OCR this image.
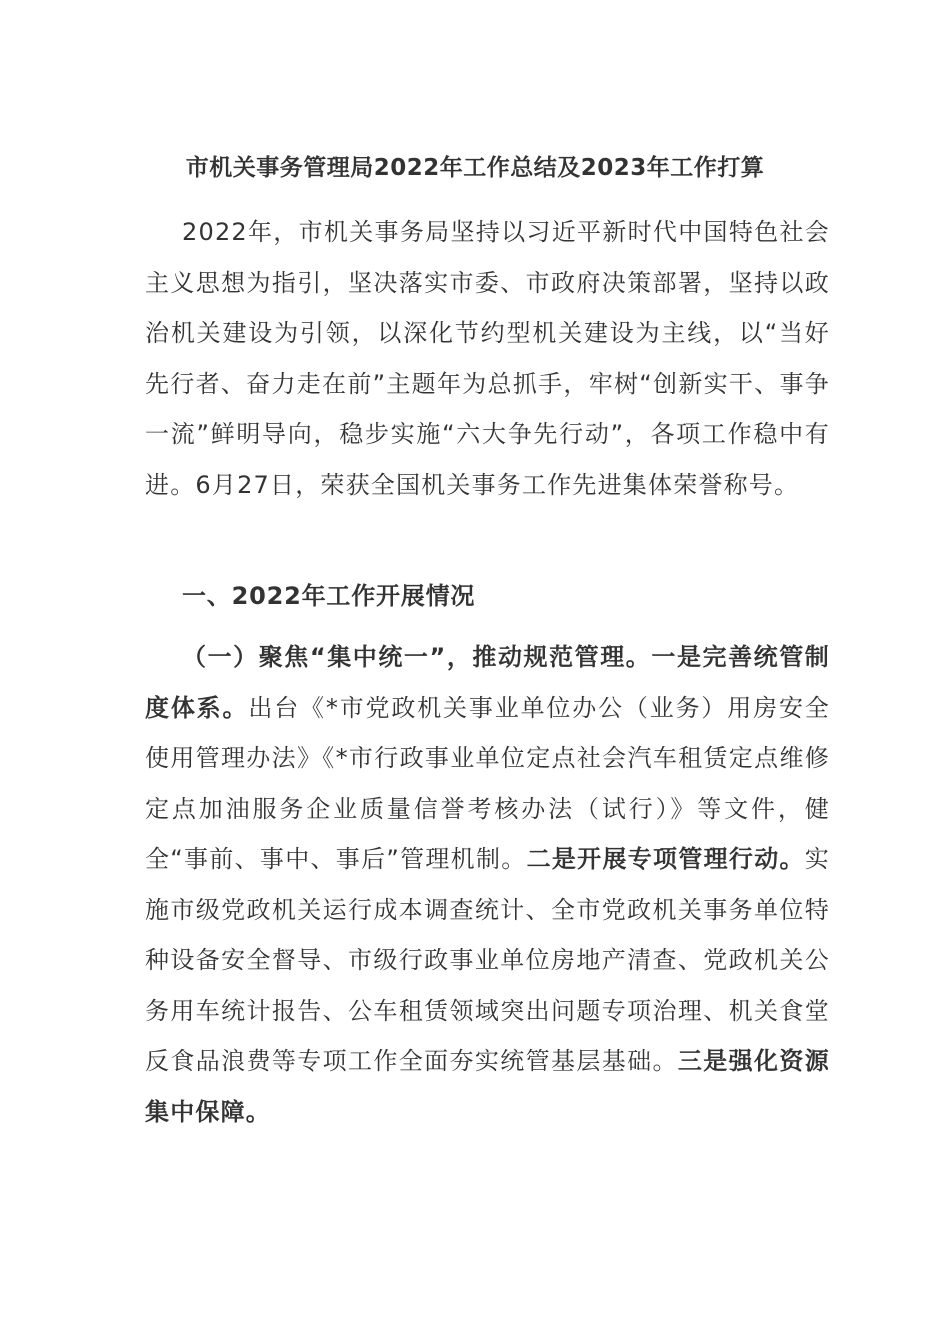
市机关事务管理局2022年工作总结及2023年工作打算
2022年，市机关事务局坚持以习近平新时代中国特色社会主义思想为指引，坚决落实市委、市政府决策部署，坚持以政治机关建设为引领，以深化节约型机关建设为主线，以“当好先行者、奋力走在前”主题年为总抓手，牢树“创新实干、事争一流”鲜明导向，稳步实施“六大争先行动”，各项工作稳中有进。6月27日，荣获全国机关事务工作先进集体荣誉称号。
一、2022年工作开展情况
（一）聚焦“集中统一”，推动规范管理。一是完善统管制度体系。出台《*市党政机关事业单位办公（业务）用房安全使用管理办法》《*市行政事业单位定点社会汽车租赁定点维修定点加油服务企业质量信誉考核办法（试行）》等文件，健全“事前、事中、事后”管理机制。二是开展专项管理行动。实施市级党政机关运行成本调查统计、全市党政机关事务单位特种设备安全督导、市级行政事业单位房地产清查、党政机关公务用车统计报告、公车租赁领域突出问题专项治理、机关食堂反食品浪费等专项工作全面夯实统管基层基础。三是强化资源集中保障。
